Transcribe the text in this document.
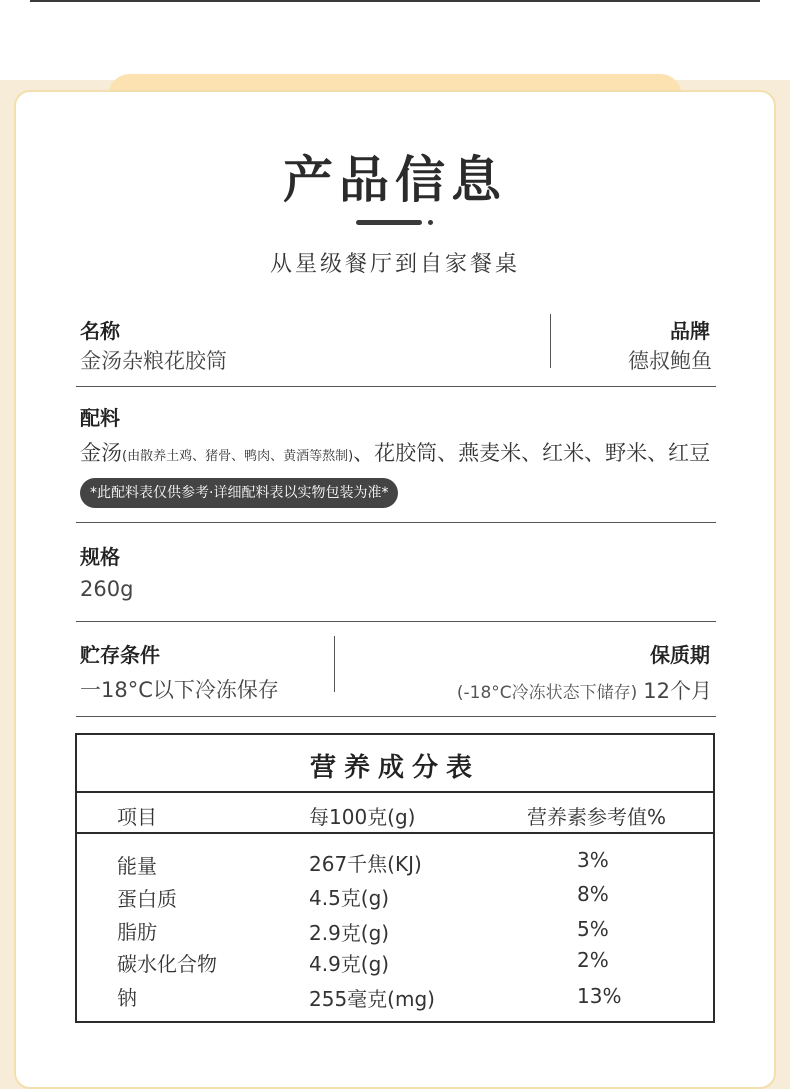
产品信息
从星级餐厅到自家餐桌
名称
金汤杂粮花胶筒
品牌
德叔鲍鱼
配料
金汤(由散养土鸡、猪骨、鸭肉、黄酒等熬制)、花胶筒、燕麦米、红米、野米、红豆
*此配料表仅供参考·详细配料表以实物包装为准*
规格
260g
贮存条件
一18°C以下冷冻保存
保质期
(-18°C冷冻状态下储存) 12个月
营养成分表
项目	每100克(g)	营养素参考值%
能量	267千焦(KJ)	3%
蛋白质	4.5克(g)	8%
脂肪	2.9克(g)	5%
碳水化合物	4.9克(g)	2%
钠	255毫克(mg)	13%
